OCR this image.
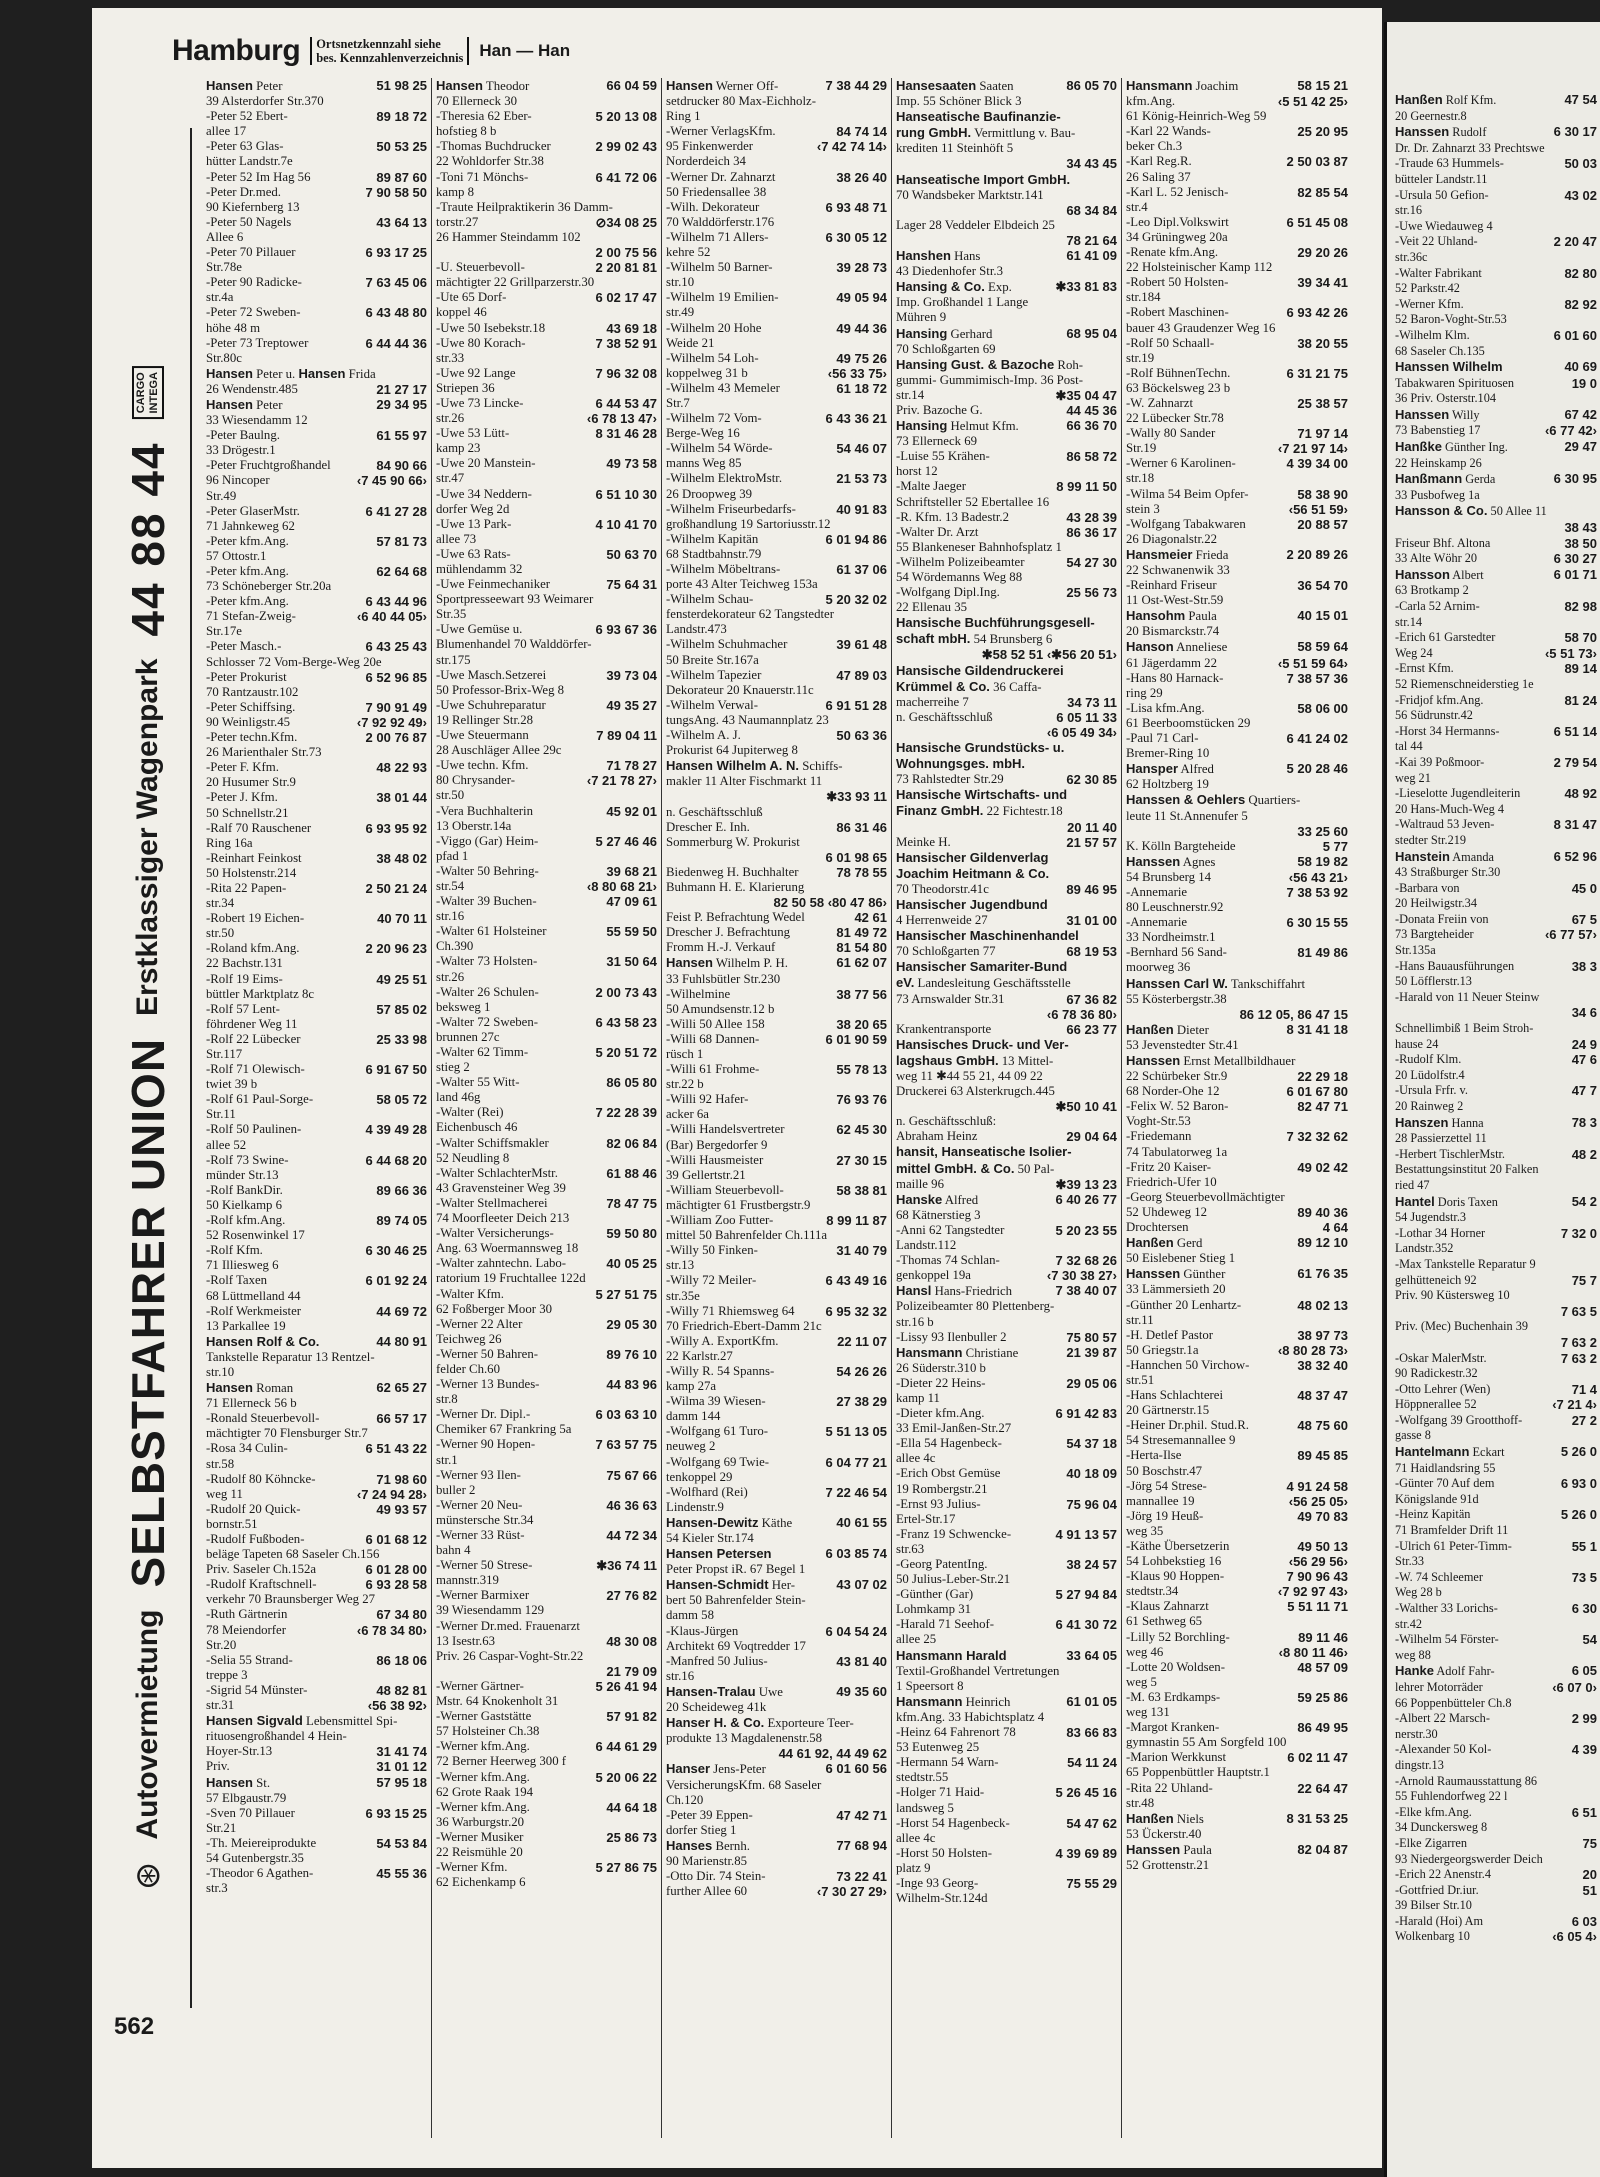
Hamburg	Ortsnetzkennzahl siehe
bes. Kennzahlenverzeichnis Han — Han
⊛
Autovermietung
SELBSTFAHRER UNION
Erstklassiger Wagenpark
44 88 44
CARGO
INTEGA
562
Hansen Peter	51 98 25
39 Alsterdorfer Str.370
-Peter 52 Ebert-	89 18 72
allee 17
-Peter 63 Glas-	50 53 25
hütter Landstr.7e
-Peter 52 Im Hag 56	89 87 60
-Peter Dr.med.	7 90 58 50
90 Kiefernberg 13
-Peter 50 Nagels	43 64 13
Allee 6
-Peter 70 Pillauer	6 93 17 25
Str.78e
-Peter 90 Radicke-	7 63 45 06
str.4a
-Peter 72 Sweben-	6 43 48 80
höhe 48 m
-Peter 73 Treptower	6 44 44 36
Str.80c
Hansen Peter u. Hansen Frida
26 Wendenstr.485	21 27 17
Hansen Peter	29 34 95
33 Wiesendamm 12
-Peter Baulng.	61 55 97
33 Drögestr.1
-Peter Fruchtgroßhandel	84 90 66
96 Nincoper	‹7 45 90 66›
Str.49
-Peter GlaserMstr.	6 41 27 28
71 Jahnkeweg 62
-Peter kfm.Ang.	57 81 73
57 Ottostr.1
-Peter kfm.Ang.	62 64 68
73 Schöneberger Str.20a
-Peter kfm.Ang.	6 43 44 96
71 Stefan-Zweig-	‹6 40 44 05›
Str.17e
-Peter Masch.-	6 43 25 43
Schlosser 72 Vom-Berge-Weg 20e
-Peter Prokurist	6 52 96 85
70 Rantzaustr.102
-Peter Schiffsing.	7 90 91 49
90 Weinligstr.45	‹7 92 92 49›
-Peter techn.Kfm.	2 00 76 87
26 Marienthaler Str.73
-Peter F. Kfm.	48 22 93
20 Husumer Str.9
-Peter J. Kfm.	38 01 44
50 Schnellstr.21
-Ralf 70 Rauschener	6 93 95 92
Ring 16a
-Reinhart Feinkost	38 48 02
50 Holstenstr.214
-Rita 22 Papen-	2 50 21 24
str.34
-Robert 19 Eichen-	40 70 11
str.50
-Roland kfm.Ang.	2 20 96 23
22 Bachstr.131
-Rolf 19 Eims-	49 25 51
büttler Marktplatz 8c
-Rolf 57 Lent-	57 85 02
föhrdener Weg 11
-Rolf 22 Lübecker	25 33 98
Str.117
-Rolf 71 Olewisch-	6 91 67 50
twiet 39 b
-Rolf 61 Paul-Sorge-	58 05 72
Str.11
-Rolf 50 Paulinen-	4 39 49 28
allee 52
-Rolf 73 Swine-	6 44 68 20
münder Str.13
-Rolf BankDir.	89 66 36
50 Kielkamp 6
-Rolf kfm.Ang.	89 74 05
52 Rosenwinkel 17
-Rolf Kfm.	6 30 46 25
71 Illiesweg 6
-Rolf Taxen	6 01 92 24
68 Lüttmelland 44
-Rolf Werkmeister	44 69 72
13 Parkallee 19
Hansen Rolf & Co.	44 80 91
Tankstelle Reparatur 13 Rentzel-
str.10
Hansen Roman	62 65 27
71 Ellerneck 56 b
-Ronald Steuerbevoll-	66 57 17
mächtigter 70 Flensburger Str.7
-Rosa 34 Culin-	6 51 43 22
str.58
-Rudolf 80 Köhncke-	71 98 60
weg 11	‹7 24 94 28›
-Rudolf 20 Quick-	49 93 57
bornstr.51
-Rudolf Fußboden-	6 01 68 12
beläge Tapeten 68 Saseler Ch.156
Priv. Saseler Ch.152a	6 01 28 00
-Rudolf Kraftschnell-	6 93 28 58
verkehr 70 Braunsberger Weg 27
-Ruth Gärtnerin	67 34 80
78 Meiendorfer	‹6 78 34 80›
Str.20
-Selia 55 Strand-	86 18 06
treppe 3
-Sigrid 54 Münster-	48 82 81
str.31	‹56 38 92›
Hansen Sigvald Lebensmittel Spi-
rituosengroßhandel 4 Hein-
Hoyer-Str.13	31 41 74
Priv.	31 01 12
Hansen St.	57 95 18
57 Elbgaustr.79
-Sven 70 Pillauer	6 93 15 25
Str.21
-Th. Meiereiprodukte	54 53 84
54 Gutenbergstr.35
-Theodor 6 Agathen-	45 55 36
str.3
Hansen Theodor	66 04 59
70 Ellerneck 30
-Theresia 62 Eber-	5 20 13 08
hofstieg 8 b
-Thomas Buchdrucker	2 99 02 43
22 Wohldorfer Str.38
-Toni 71 Mönchs-	6 41 72 06
kamp 8
-Traute Heilpraktikerin 36 Damm-
torstr.27	⊘34 08 25
26 Hammer Steindamm 102
2 00 75 56
-U. Steuerbevoll-	2 20 81 81
mächtigter 22 Grillparzerstr.30
-Ute 65 Dorf-	6 02 17 47
koppel 46
-Uwe 50 Isebekstr.18	43 69 18
-Uwe 80 Korach-	7 38 52 91
str.33
-Uwe 92 Lange	7 96 32 08
Striepen 36
-Uwe 73 Lincke-	6 44 53 47
str.26	‹6 78 13 47›
-Uwe 53 Lütt-	8 31 46 28
kamp 23
-Uwe 20 Manstein-	49 73 58
str.47
-Uwe 34 Neddern-	6 51 10 30
dorfer Weg 2d
-Uwe 13 Park-	4 10 41 70
allee 73
-Uwe 63 Rats-	50 63 70
mühlendamm 32
-Uwe Feinmechaniker	75 64 31
Sportpresseewart 93 Weimarer
Str.35
-Uwe Gemüse u.	6 93 67 36
Blumenhandel 70 Walddörfer-
str.175
-Uwe Masch.Setzerei	39 73 04
50 Professor-Brix-Weg 8
-Uwe Schuhreparatur	49 35 27
19 Rellinger Str.28
-Uwe Steuermann	7 89 04 11
28 Auschläger Allee 29c
-Uwe techn. Kfm.	71 78 27
80 Chrysander-	‹7 21 78 27›
str.50
-Vera Buchhalterin	45 92 01
13 Oberstr.14a
-Viggo (Gar) Heim-	5 27 46 46
pfad 1
-Walter 50 Behring-	39 68 21
str.54	‹8 80 68 21›
-Walter 39 Buchen-	47 09 61
str.16
-Walter 61 Holsteiner	55 59 50
Ch.390
-Walter 73 Holsten-	31 50 64
str.26
-Walter 26 Schulen-	2 00 73 43
beksweg 1
-Walter 72 Sweben-	6 43 58 23
brunnen 27c
-Walter 62 Timm-	5 20 51 72
stieg 2
-Walter 55 Witt-	86 05 80
land 46g
-Walter (Rei)	7 22 28 39
Eichenbusch 46
-Walter Schiffsmakler	82 06 84
52 Neudling 8
-Walter SchlachterMstr.	61 88 46
43 Gravensteiner Weg 39
-Walter Stellmacherei	78 47 75
74 Moorfleeter Deich 213
-Walter Versicherungs-	59 50 80
Ang. 63 Woermannsweg 18
-Walter zahntechn. Labo-	40 05 25
ratorium 19 Fruchtallee 122d
-Walter Kfm.	5 27 51 75
62 Foßberger Moor 30
-Werner 22 Alter	29 05 30
Teichweg 26
-Werner 50 Bahren-	89 76 10
felder Ch.60
-Werner 13 Bundes-	44 83 96
str.8
-Werner Dr. Dipl.-	6 03 63 10
Chemiker 67 Frankring 5a
-Werner 90 Hopen-	7 63 57 75
str.1
-Werner 93 Ilen-	75 67 66
buller 2
-Werner 20 Neu-	46 36 63
münstersche Str.34
-Werner 33 Rüst-	44 72 34
bahn 4
-Werner 50 Strese-	✱36 74 11
mannstr.319
-Werner Barmixer	27 76 82
39 Wiesendamm 129
-Werner Dr.med. Frauenarzt
13 Isestr.63	48 30 08
Priv. 26 Caspar-Voght-Str.22
21 79 09
-Werner Gärtner-	5 26 41 94
Mstr. 64 Knokenholt 31
-Werner Gaststätte	57 91 82
57 Holsteiner Ch.38
-Werner kfm.Ang.	6 44 61 29
72 Berner Heerweg 300 f
-Werner kfm.Ang.	5 20 06 22
62 Grote Raak 194
-Werner kfm.Ang.	44 64 18
36 Warburgstr.20
-Werner Musiker	25 86 73
22 Reismühle 20
-Werner Kfm.	5 27 86 75
62 Eichenkamp 6
Hansen Werner Off-	7 38 44 29
setdrucker 80 Max-Eichholz-
Ring 1
-Werner VerlagsKfm.	84 74 14
95 Finkenwerder	‹7 42 74 14›
Norderdeich 34
-Werner Dr. Zahnarzt	38 26 40
50 Friedensallee 38
-Wilh. Dekorateur	6 93 48 71
70 Walddörferstr.176
-Wilhelm 71 Allers-	6 30 05 12
kehre 52
-Wilhelm 50 Barner-	39 28 73
str.10
-Wilhelm 19 Emilien-	49 05 94
str.49
-Wilhelm 20 Hohe	49 44 36
Weide 21
-Wilhelm 54 Loh-	49 75 26
koppelweg 31 b	‹56 33 75›
-Wilhelm 43 Memeler	61 18 72
Str.7
-Wilhelm 72 Vom-	6 43 36 21
Berge-Weg 16
-Wilhelm 54 Wörde-	54 46 07
manns Weg 85
-Wilhelm ElektroMstr.	21 53 73
26 Droopweg 39
-Wilhelm Friseurbedarfs-	40 91 83
großhandlung 19 Sartoriusstr.12
-Wilhelm Kapitän	6 01 94 86
68 Stadtbahnstr.79
-Wilhelm Möbeltrans-	61 37 06
porte 43 Alter Teichweg 153a
-Wilhelm Schau-	5 20 32 02
fensterdekorateur 62 Tangstedter
Landstr.473
-Wilhelm Schuhmacher	39 61 48
50 Breite Str.167a
-Wilhelm Tapezier	47 89 03
Dekorateur 20 Knauerstr.11c
-Wilhelm Verwal-	6 91 51 28
tungsAng. 43 Naumannplatz 23
-Wilhelm A. J.	50 63 36
Prokurist 64 Jupiterweg 8
Hansen Wilhelm A. N. Schiffs-
makler 11 Alter Fischmarkt 11
✱33 93 11
n. Geschäftsschluß
Drescher E. Inh.	86 31 46
Sommerburg W. Prokurist
6 01 98 65
Biedenweg H. Buchhalter	78 78 55
Buhmann H. E. Klarierung
82 50 58 ‹80 47 86›
Feist P. Befrachtung Wedel	42 61
Drescher J. Befrachtung	81 49 72
Fromm H.-J. Verkauf	81 54 80
Hansen Wilhelm P. H.	61 62 07
33 Fuhlsbütler Str.230
-Wilhelmine	38 77 56
50 Amundsenstr.12 b
-Willi 50 Allee 158	38 20 65
-Willi 68 Dannen-	6 01 90 59
rüsch 1
-Willi 61 Frohme-	55 78 13
str.22 b
-Willi 92 Hafer-	76 93 76
acker 6a
-Willi Handelsvertreter	62 45 30
(Bar) Bergedorfer 9
-Willi Hausmeister	27 30 15
39 Gellertstr.21
-William Steuerbevoll-	58 38 81
mächtigter 61 Frustbergstr.9
-William Zoo Futter-	8 99 11 87
mittel 50 Bahrenfelder Ch.111a
-Willy 50 Finken-	31 40 79
str.13
-Willy 72 Meiler-	6 43 49 16
str.35e
-Willy 71 Rhiemsweg 64	6 95 32 32
70 Friedrich-Ebert-Damm 21c
-Willy A. ExportKfm.	22 11 07
22 Karlstr.27
-Willy R. 54 Spanns-	54 26 26
kamp 27a
-Wilma 39 Wiesen-	27 38 29
damm 144
-Wolfgang 61 Turo-	5 51 13 05
neuweg 2
-Wolfgang 69 Twie-	6 04 77 21
tenkoppel 29
-Wolfhard (Rei)	7 22 46 54
Lindenstr.9
Hansen-Dewitz Käthe	40 61 55
54 Kieler Str.174
Hansen Petersen	6 03 85 74
Peter Propst iR. 67 Begel 1
Hansen-Schmidt Her-	43 07 02
bert 50 Bahrenfelder Stein-
damm 58
-Klaus-Jürgen	6 04 54 24
Architekt 69 Voqtredder 17
-Manfred 50 Julius-	43 81 40
str.16
Hansen-Tralau Uwe	49 35 60
20 Scheideweg 41k
Hanser H. & Co. Exporteure Teer-
produkte 13 Magdalenenstr.58
44 61 92, 44 49 62
Hanser Jens-Peter	6 01 60 56
VersicherungsKfm. 68 Saseler
Ch.120
-Peter 39 Eppen-	47 42 71
dorfer Stieg 1
Hanses Bernh.	77 68 94
90 Marienstr.85
-Otto Dir. 74 Stein-	73 22 41
further Allee 60	‹7 30 27 29›
Hansesaaten Saaten	86 05 70
Imp. 55 Schöner Blick 3
Hanseatische Baufinanzie-
rung GmbH. Vermittlung v. Bau-
krediten 11 Steinhöft 5
34 43 45
Hanseatische Import GmbH.
70 Wandsbeker Marktstr.141
68 34 84
Lager 28 Veddeler Elbdeich 25
78 21 64
Hanshen Hans	61 41 09
43 Diedenhofer Str.3
Hansing & Co. Exp.	✱33 81 83
Imp. Großhandel 1 Lange
Mühren 9
Hansing Gerhard	68 95 04
70 Schloßgarten 69
Hansing Gust. & Bazoche Roh-
gummi- Gummimisch-Imp. 36 Post-
str.14	✱35 04 47
Priv. Bazoche G.	44 45 36
Hansing Helmut Kfm.	66 36 70
73 Ellerneck 69
-Luise 55 Krähen-	86 58 72
horst 12
-Malte Jaeger	8 99 11 50
Schriftsteller 52 Ebertallee 16
-R. Kfm. 13 Badestr.2	43 28 39
-Walter Dr. Arzt	86 36 17
55 Blankeneser Bahnhofsplatz 1
-Wilhelm Polizeibeamter	54 27 30
54 Wördemanns Weg 88
-Wolfgang Dipl.Ing.	25 56 73
22 Ellenau 35
Hansische Buchführungsgesell-
schaft mbH. 54 Brunsberg 6
✱58 52 51 ‹✱56 20 51›
Hansische Gildendruckerei
Krümmel & Co. 36 Caffa-
macherreihe 7	34 73 11
n. Geschäftsschluß	6 05 11 33
‹6 05 49 34›
Hansische Grundstücks- u.
Wohnungsges. mbH.
73 Rahlstedter Str.29	62 30 85
Hansische Wirtschafts- und
Finanz GmbH. 22 Fichtestr.18
20 11 40
Meinke H.	21 57 57
Hansischer Gildenverlag
Joachim Heitmann & Co.
70 Theodorstr.41c	89 46 95
Hansischer Jugendbund
4 Herrenweide 27	31 01 00
Hansischer Maschinenhandel
70 Schloßgarten 77	68 19 53
Hansischer Samariter-Bund
eV. Landesleitung Geschäftsstelle
73 Arnswalder Str.31	67 36 82
‹6 78 36 80›
Krankentransporte	66 23 77
Hansisches Druck- und Ver-
lagshaus GmbH. 13 Mittel-
weg 11 ✱44 55 21, 44 09 22
Druckerei 63 Alsterkrugch.445
✱50 10 41
n. Geschäftsschluß:
Abraham Heinz	29 04 64
hansit, Hanseatische Isolier-
mittel GmbH. & Co. 50 Pal-
maille 96	✱39 13 23
Hanske Alfred	6 40 26 77
68 Kätnerstieg 3
-Anni 62 Tangstedter	5 20 23 55
Landstr.112
-Thomas 74 Schlan-	7 32 68 26
genkoppel 19a	‹7 30 38 27›
Hansl Hans-Friedrich	7 38 40 07
Polizeibeamter 80 Plettenberg-
str.16 b
-Lissy 93 Ilenbuller 2	75 80 57
Hansmann Christiane	21 39 87
26 Süderstr.310 b
-Dieter 22 Heins-	29 05 06
kamp 11
-Dieter kfm.Ang.	6 91 42 83
33 Emil-Janßen-Str.27
-Ella 54 Hagenbeck-	54 37 18
allee 4c
-Erich Obst Gemüse	40 18 09
19 Rombergstr.21
-Ernst 93 Julius-	75 96 04
Ertel-Str.17
-Franz 19 Schwencke-	4 91 13 57
str.63
-Georg PatentIng.	38 24 57
50 Julius-Leber-Str.21
-Günther (Gar)	5 27 94 84
Lohmkamp 31
-Harald 71 Seehof-	6 41 30 72
allee 25
Hansmann Harald	33 64 05
Textil-Großhandel Vertretungen
1 Speersort 8
Hansmann Heinrich	61 01 05
kfm.Ang. 33 Habichtsplatz 4
-Heinz 64 Fahrenort 78	83 66 83
53 Eutenweg 25
-Hermann 54 Warn-	54 11 24
stedtstr.55
-Holger 71 Haid-	5 26 45 16
landsweg 5
-Horst 54 Hagenbeck-	54 47 62
allee 4c
-Horst 50 Holsten-	4 39 69 89
platz 9
-Inge 93 Georg-	75 55 29
Wilhelm-Str.124d
Hansmann Joachim	58 15 21
kfm.Ang.	‹5 51 42 25›
61 König-Heinrich-Weg 59
-Karl 22 Wands-	25 20 95
beker Ch.3
-Karl Reg.R.	2 50 03 87
26 Saling 37
-Karl L. 52 Jenisch-	82 85 54
str.4
-Leo Dipl.Volkswirt	6 51 45 08
34 Grüningweg 20a
-Renate kfm.Ang.	29 20 26
22 Holsteinischer Kamp 112
-Robert 50 Holsten-	39 34 41
str.184
-Robert Maschinen-	6 93 42 26
bauer 43 Graudenzer Weg 16
-Rolf 50 Schaall-	38 20 55
str.19
-Rolf BühnenTechn.	6 31 21 75
63 Böckelsweg 23 b
-W. Zahnarzt	25 38 57
22 Lübecker Str.78
-Wally 80 Sander	71 97 14
Str.19	‹7 21 97 14›
-Werner 6 Karolinen-	4 39 34 00
str.18
-Wilma 54 Beim Opfer-	58 38 90
stein 3	‹56 51 59›
-Wolfgang Tabakwaren	20 88 57
26 Diagonalstr.22
Hansmeier Frieda	2 20 89 26
22 Schwanenwik 33
-Reinhard Friseur	36 54 70
11 Ost-West-Str.59
Hansohm Paula	40 15 01
20 Bismarckstr.74
Hanson Anneliese	58 59 64
61 Jägerdamm 22	‹5 51 59 64›
-Hans 80 Harnack-	7 38 57 36
ring 29
-Lisa kfm.Ang.	58 06 00
61 Beerboomstücken 29
-Paul 71 Carl-	6 41 24 02
Bremer-Ring 10
Hansper Alfred	5 20 28 46
62 Holtzberg 19
Hanssen & Oehlers Quartiers-
leute 11 St.Annenufer 5
33 25 60
K. Kölln Bargteheide	5 77
Hanssen Agnes	58 19 82
54 Brunsberg 14	‹56 43 21›
-Annemarie	7 38 53 92
80 Leuschnerstr.92
-Annemarie	6 30 15 55
33 Nordheimstr.1
-Bernhard 56 Sand-	81 49 86
moorweg 36
Hanssen Carl W. Tankschiffahrt
55 Kösterbergstr.38
86 12 05, 86 47 15
Hanßen Dieter	8 31 41 18
53 Jevenstedter Str.41
Hanssen Ernst Metallbildhauer
22 Schürbeker Str.9	22 29 18
68 Norder-Ohe 12	6 01 67 80
-Felix W. 52 Baron-	82 47 71
Voght-Str.53
-Friedemann	7 32 32 62
74 Tabulatorweg 1a
-Fritz 20 Kaiser-	49 02 42
Friedrich-Ufer 10
-Georg Steuerbevollmächtigter
52 Uhdeweg 12	89 40 36
Drochtersen	4 64
Hanßen Gerd	89 12 10
50 Eislebener Stieg 1
Hanssen Günther	61 76 35
33 Lämmersieth 20
-Günther 20 Lenhartz-	48 02 13
str.11
-H. Detlef Pastor	38 97 73
50 Griegstr.1a	‹8 80 28 73›
-Hannchen 50 Virchow-	38 32 40
str.51
-Hans Schlachterei	48 37 47
20 Gärtnerstr.15
-Heiner Dr.phil. Stud.R.	48 75 60
54 Stresemannallee 9
-Herta-Ilse	89 45 85
50 Boschstr.47
-Jörg 54 Strese-	4 91 24 58
mannallee 19	‹56 25 05›
-Jörg 19 Heuß-	49 70 83
weg 35
-Käthe Übersetzerin	49 50 13
54 Lohbekstieg 16	‹56 29 56›
-Klaus 90 Hoppen-	7 90 96 43
stedtstr.34	‹7 92 97 43›
-Klaus Zahnarzt	5 51 11 71
61 Sethweg 65
-Lilly 52 Borchling-	89 11 46
weg 46	‹8 80 11 46›
-Lotte 20 Woldsen-	48 57 09
weg 5
-M. 63 Erdkamps-	59 25 86
weg 131
-Margot Kranken-	86 49 95
gymnastin 55 Am Sorgfeld 100
-Marion Werkkunst	6 02 11 47
65 Poppenbüttler Hauptstr.1
-Rita 22 Uhland-	22 64 47
str.48
Hanßen Niels	8 31 53 25
53 Ückerstr.40
Hanssen Paula	82 04 87
52 Grottenstr.21
Hanßen Rolf Kfm.	47 54
20 Geernestr.8
Hanssen Rudolf	6 30 17
Dr. Dr. Zahnarzt 33 Prechtswe
-Traude 63 Hummels-	50 03
bütteler Landstr.11
-Ursula 50 Gefion-	43 02
str.16
-Uwe Wiedauweg 4
-Veit 22 Uhland-	2 20 47
str.36c
-Walter Fabrikant	82 80
52 Parkstr.42
-Werner Kfm.	82 92
52 Baron-Voght-Str.53
-Wilhelm Klm.	6 01 60
68 Saseler Ch.135
Hanssen Wilhelm	40 69
Tabakwaren Spirituosen	19 0
36 Priv. Osterstr.104
Hanssen Willy	67 42
73 Babenstieg 17	‹6 77 42›
Hanßke Günther Ing.	29 47
22 Heinskamp 26
Hanßmann Gerda	6 30 95
33 Pusbofweg 1a
Hansson & Co. 50 Allee 11
38 43
Friseur Bhf. Altona	38 50
33 Alte Wöhr 20	6 30 27
Hansson Albert	6 01 71
63 Brotkamp 2
-Carla 52 Arnim-	82 98
str.14
-Erich 61 Garstedter	58 70
Weg 24	‹5 51 73›
-Ernst Kfm.	89 14
52 Riemenschneiderstieg 1e
-Fridjof kfm.Ang.	81 24
56 Südrunstr.42
-Horst 34 Hermanns-	6 51 14
tal 44
-Kai 39 Poßmoor-	2 79 54
weg 21
-Lieselotte Jugendleiterin	48 92
20 Hans-Much-Weg 4
-Waltraud 53 Jeven-	8 31 47
stedter Str.219
Hanstein Amanda	6 52 96
43 Straßburger Str.30
-Barbara von	45 0
20 Heilwigstr.34
-Donata Freiin von	67 5
73 Bargteheider	‹6 77 57›
Str.135a
-Hans Bauausführungen	38 3
50 Löfflerstr.13
-Harald von 11 Neuer Steinw
34 6
Schnellimbiß 1 Beim Stroh-
hause 24	24 9
-Rudolf Klm.	47 6
20 Lüdolfstr.4
-Ursula Frfr. v.	47 7
20 Rainweg 2
Hanszen Hanna	78 3
28 Passierzettel 11
-Herbert TischlerMstr.	48 2
Bestattungsinstitut 20 Falken
ried 47
Hantel Doris Taxen	54 2
54 Jugendstr.3
-Lothar 34 Horner	7 32 0
Landstr.352
-Max Tankstelle Reparatur 9
gelhütteneich 92	75 7
Priv. 90 Küstersweg 10
7 63 5
Priv. (Mec) Buchenhain 39
7 63 2
-Oskar MalerMstr.	7 63 2
90 Radickestr.32
-Otto Lehrer (Wen)	71 4
Höppnerallee 52	‹7 21 4›
-Wolfgang 39 Grootthoff-	27 2
gasse 8
Hantelmann Eckart	5 26 0
71 Haidlandsring 55
-Günter 70 Auf dem	6 93 0
Königslande 91d
-Heinz Kapitän	5 26 0
71 Bramfelder Drift 11
-Ulrich 61 Peter-Timm-	55 1
Str.33
-W. 74 Schleemer	73 5
Weg 28 b
-Walther 33 Lorichs-	6 30
str.42
-Wilhelm 54 Förster-	54
weg 88
Hanke Adolf Fahr-	6 05
lehrer Motorräder	‹6 07 0›
66 Poppenbütteler Ch.8
-Albert 22 Marsch-	2 99
nerstr.30
-Alexander 50 Kol-	4 39
dingstr.13
-Arnold Raumausstattung 86
55 Fuhlendorfweg 22 l
-Elke kfm.Ang.	6 51
34 Dunckersweg 8
-Elke Zigarren	75
93 Niedergeorgswerder Deich
-Erich 22 Anenstr.4	20
-Gottfried Dr.iur.	51
39 Bilser Str.10
-Harald (Hoi) Am	6 03
Wolkenbarg 10	‹6 05 4›
